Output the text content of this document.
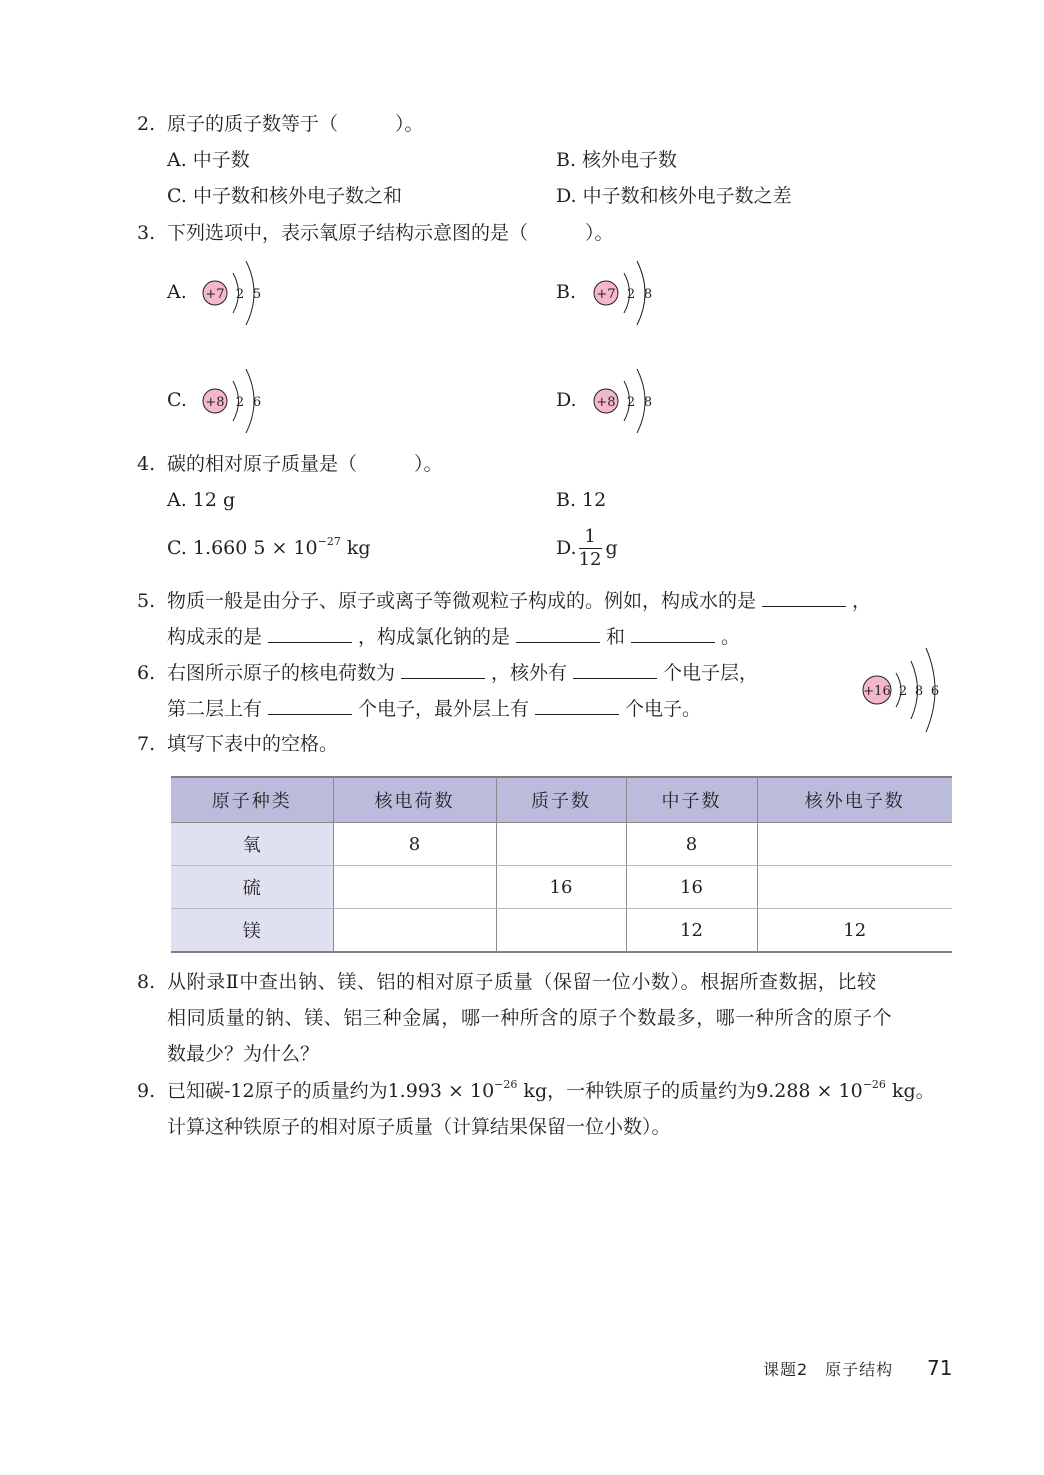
2. 原子的质子数等于（　　　）。
A. 中子数	B. 核外电子数
C. 中子数和核外电子数之和	D. 中子数和核外电子数之差
3. 下列选项中，表示氧原子结构示意图的是（　　　）。
A. +7 2 5	B. +7 2 8
C. +8 2 6	D. +8 2 8
4. 碳的相对原子质量是（　　　）。
A. 12 g	B. 12
C. 1.660 $5 \times 10^{-27}$ kg	D. $\frac{1}{12}$ g
5. 物质一般是由分子、原子或离子等微观粒子构成的。例如，构成水的是	，
构成汞的是	，构成氯化钠的是	和	。
6. 右图所示原子的核电荷数为	，核外有	个电子层，
第二层上有	个电子，最外层上有	个电子。
+16 2 8 6
7. 填写下表中的空格。
原子种类	核电荷数	质子数	中子数	核外电子数
氧	8		8	
硫		16	16	
镁			12	12
8. 从附录Ⅱ中查出钠、镁、铝的相对原子质量（保留一位小数）。根据所查数据，比较
相同质量的钠、镁、铝三种金属，哪一种所含的原子个数最多，哪一种所含的原子个
数最少？为什么？
9. 已知碳-12原子的质量约为$1.993 \times 10^{-26}$ kg，一种铁原子的质量约为$9.288 \times 10^{-26}$ kg。
计算这种铁原子的相对原子质量（计算结果保留一位小数）。
课题2　原子结构 71
